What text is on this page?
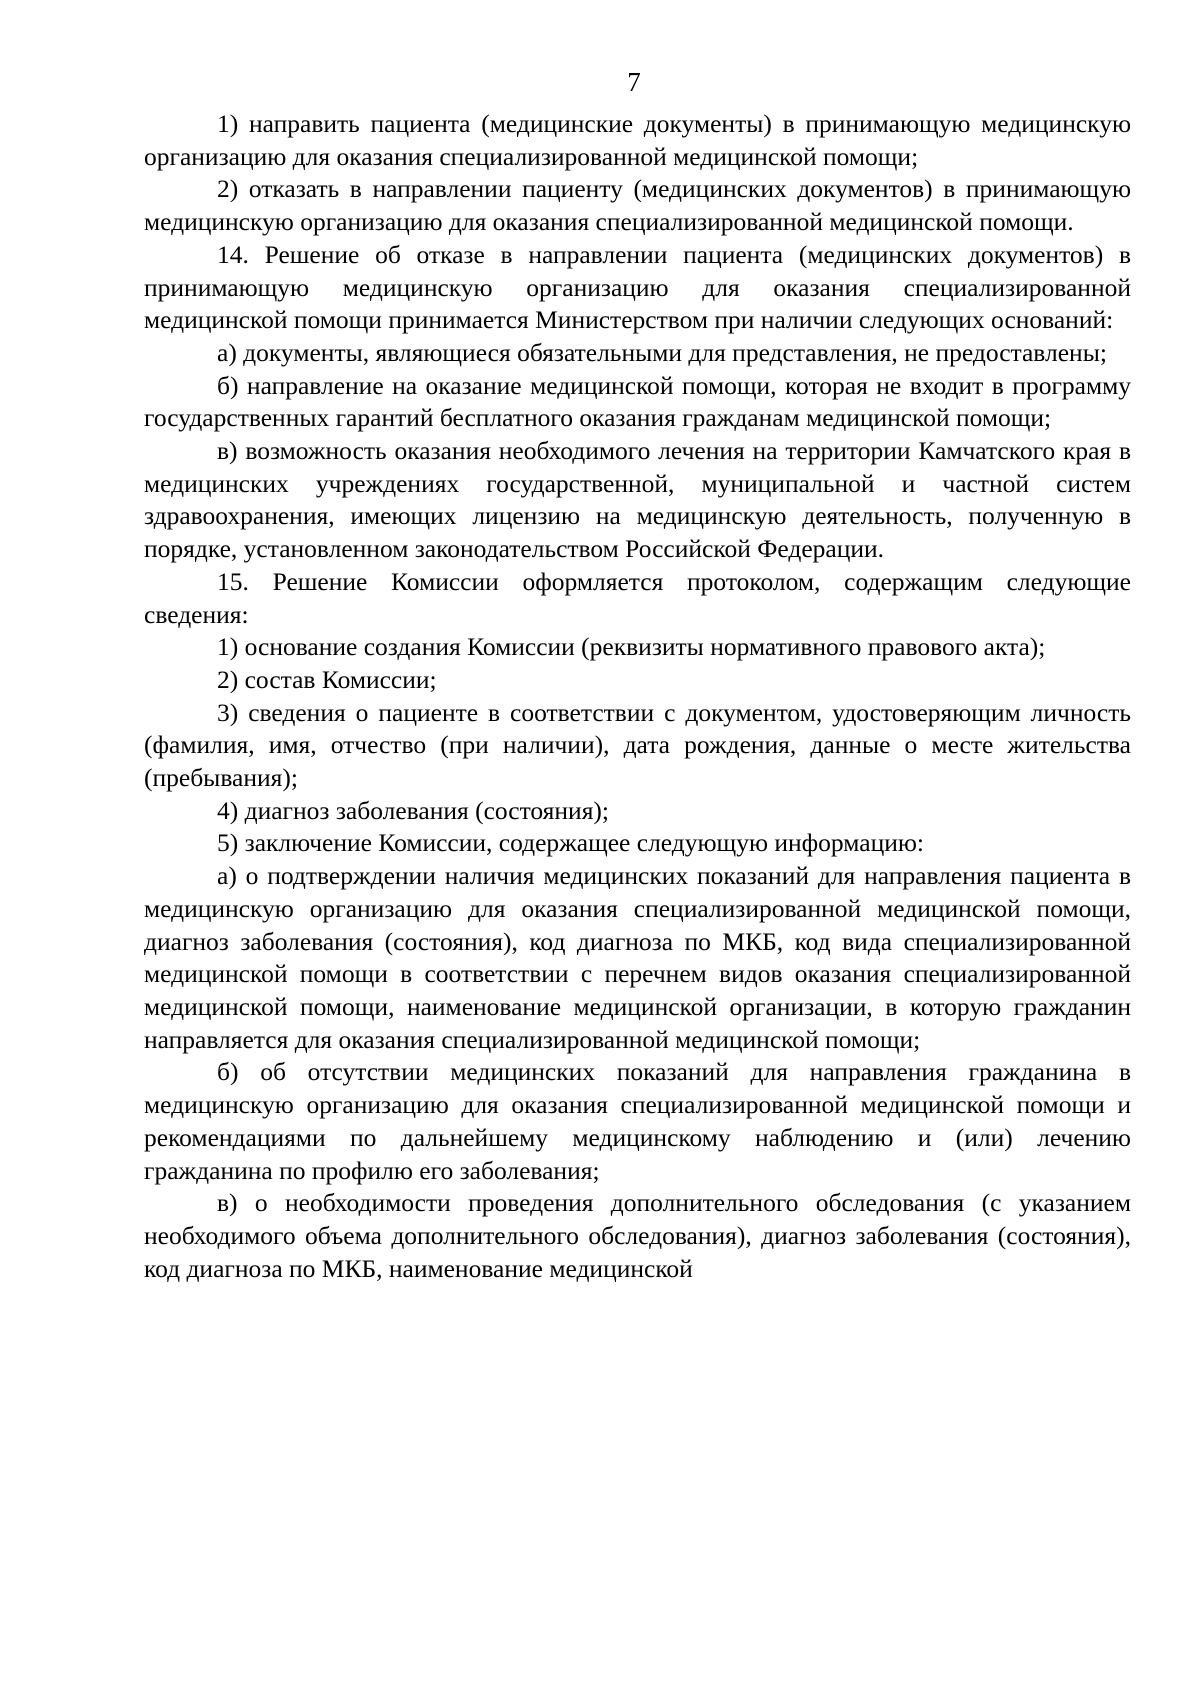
7

1) направить пациента (медицинские документы) в принимающую медицинскую организацию для оказания специализированной медицинской помощи;

2) отказать в направлении пациенту (медицинских документов) в принимающую медицинскую организацию для оказания специализированной медицинской помощи.

14. Решение об отказе в направлении пациента (медицинских документов) в принимающую медицинскую организацию для оказания специализированной медицинской помощи принимается Министерством при наличии следующих оснований:

а) документы, являющиеся обязательными для представления, не предоставлены;

б) направление на оказание медицинской помощи, которая не входит в программу государственных гарантий бесплатного оказания гражданам медицинской помощи;

в) возможность оказания необходимого лечения на территории Камчатского края в медицинских учреждениях государственной, муниципальной и частной систем здравоохранения, имеющих лицензию на медицинскую деятельность, полученную в порядке, установленном законодательством Российской Федерации.

15. Решение Комиссии оформляется протоколом, содержащим следующие сведения:

1) основание создания Комиссии (реквизиты нормативного правового акта);

2) состав Комиссии;

3) сведения о пациенте в соответствии с документом, удостоверяющим личность (фамилия, имя, отчество (при наличии), дата рождения, данные о месте жительства (пребывания);

4) диагноз заболевания (состояния);

5) заключение Комиссии, содержащее следующую информацию:

а) о подтверждении наличия медицинских показаний для направления пациента в медицинскую организацию для оказания специализированной медицинской помощи, диагноз заболевания (состояния), код диагноза по МКБ, код вида специализированной медицинской помощи в соответствии с перечнем видов оказания специализированной медицинской помощи, наименование медицинской организации, в которую гражданин направляется для оказания специализированной медицинской помощи;

б) об отсутствии медицинских показаний для направления гражданина в медицинскую организацию для оказания специализированной медицинской помощи и рекомендациями по дальнейшему медицинскому наблюдению и (или) лечению гражданина по профилю его заболевания;

в) о необходимости проведения дополнительного обследования (с указанием необходимого объема дополнительного обследования), диагноз заболевания (состояния), код диагноза по МКБ, наименование медицинской
